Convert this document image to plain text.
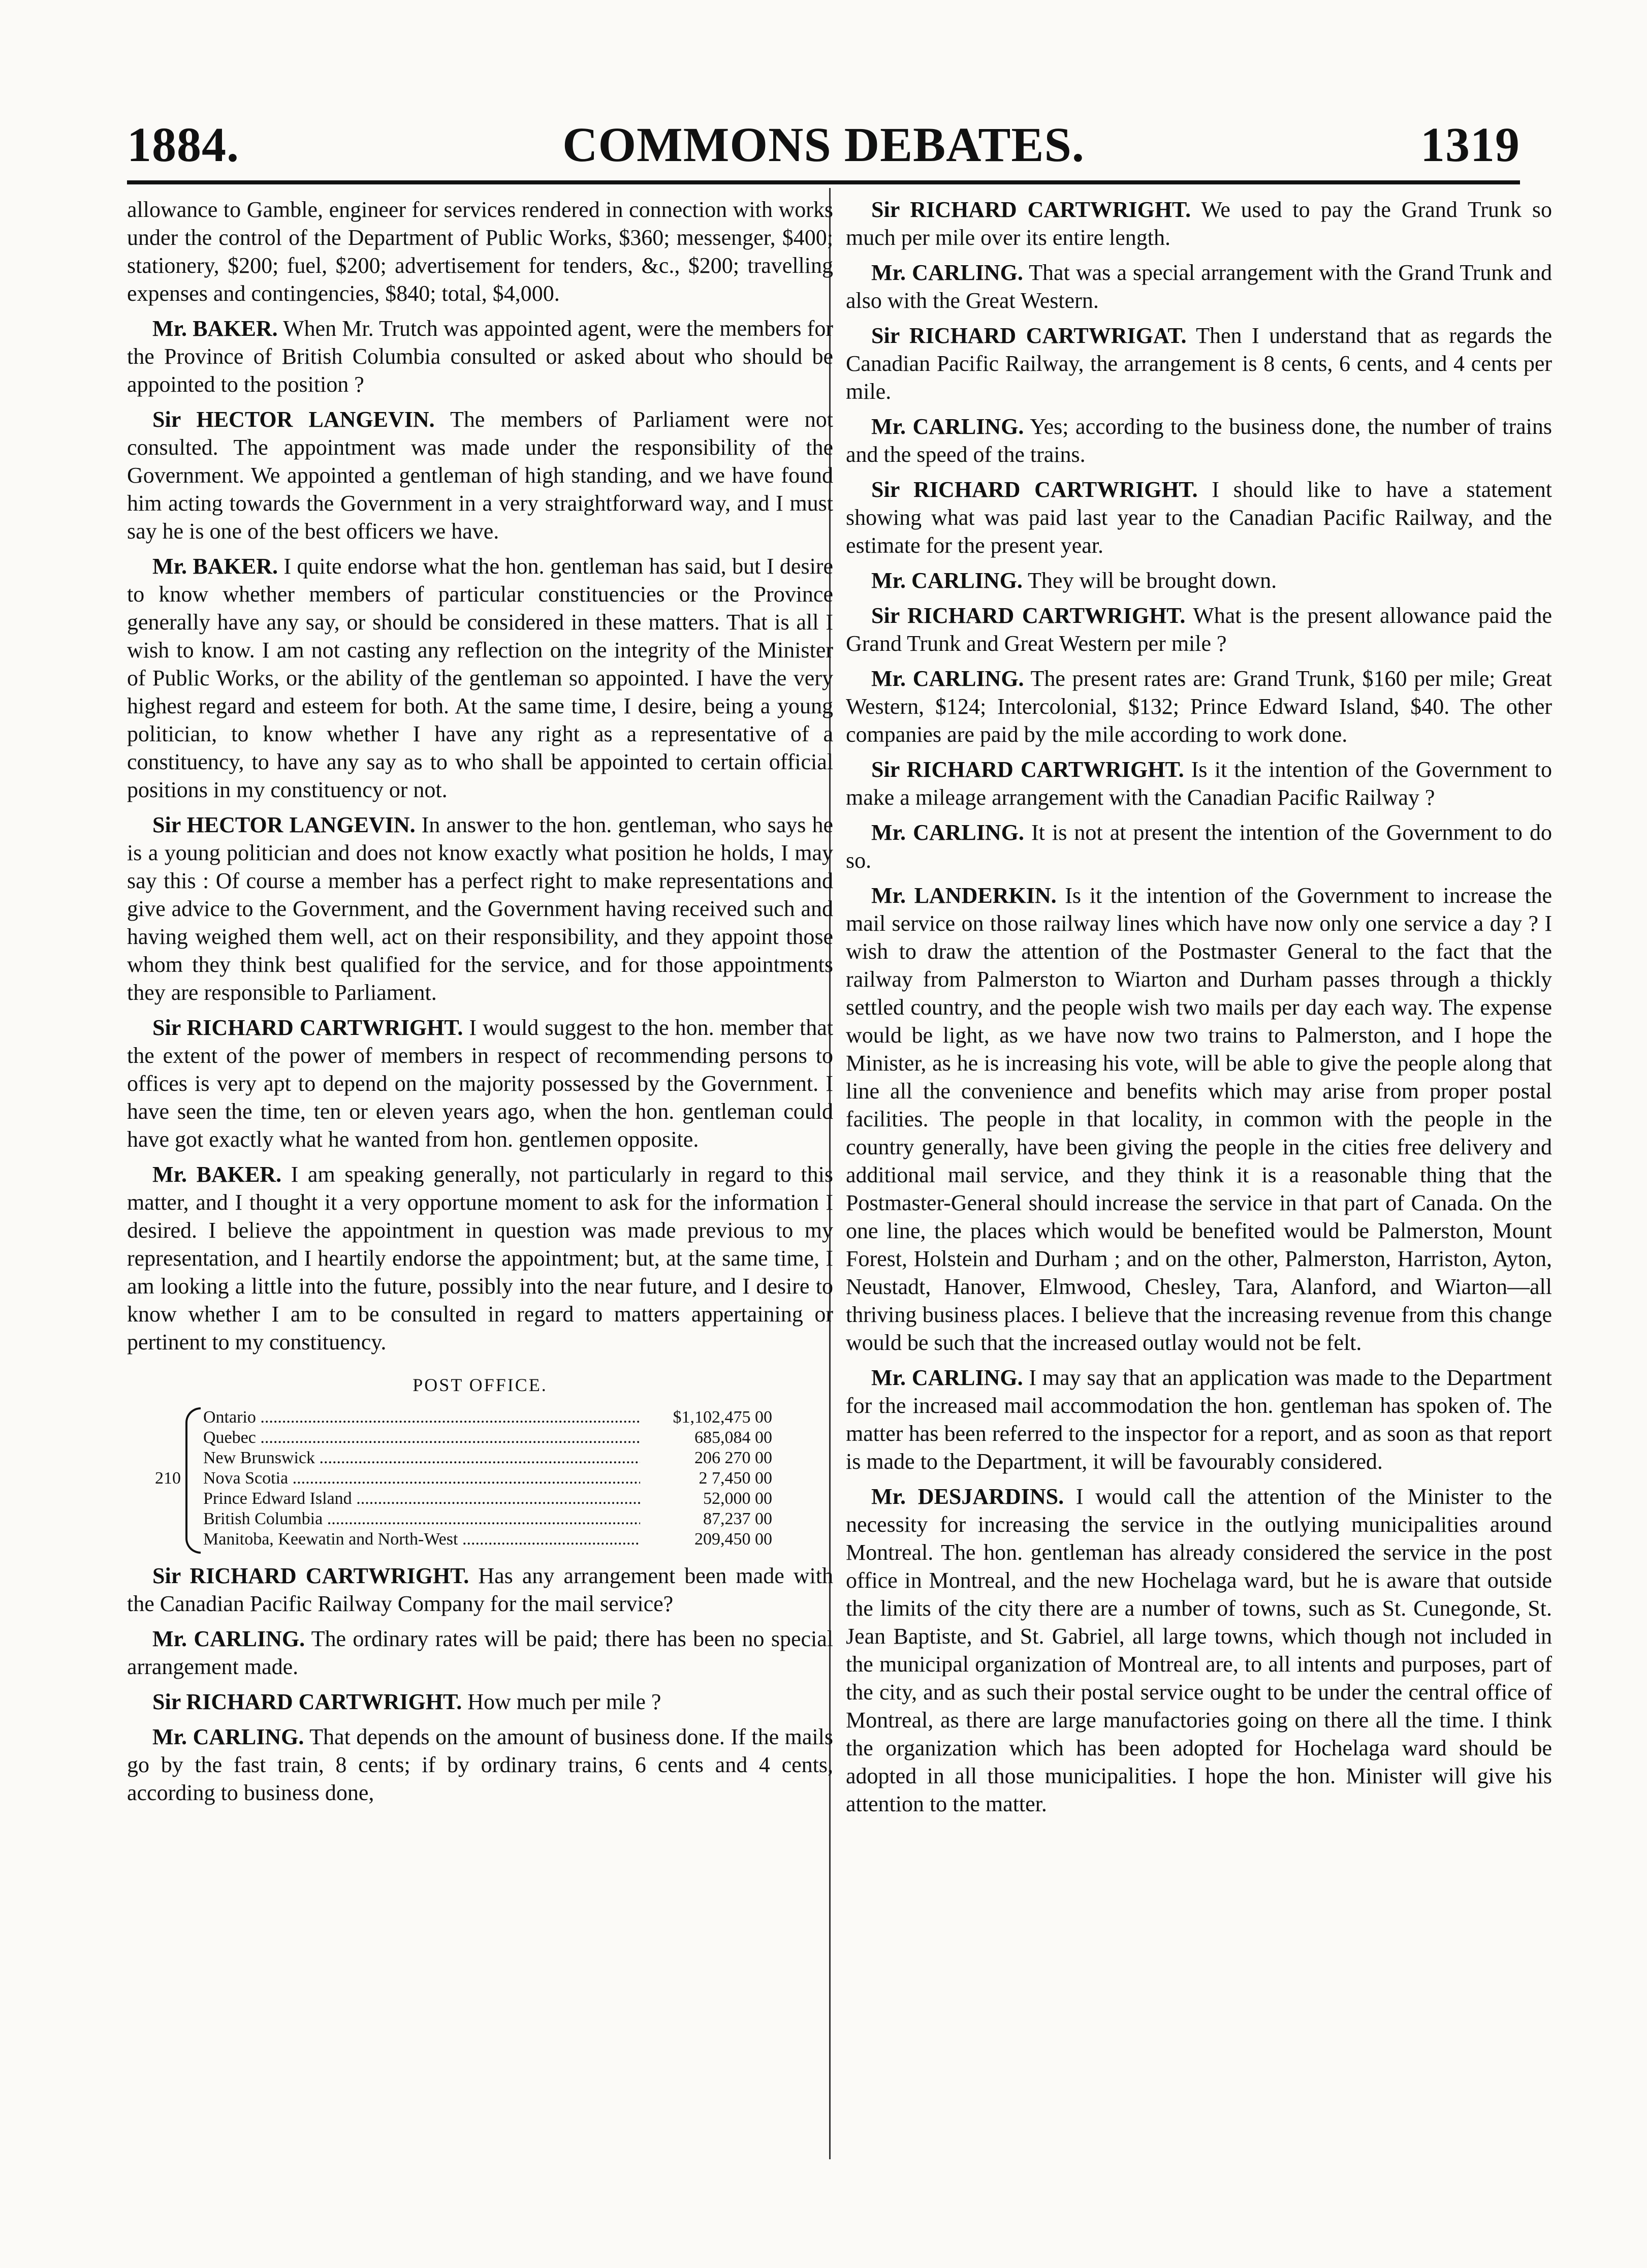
1884.	COMMONS DEBATES.	1319

allowance to Gamble, engineer for services rendered in connection with works under the control of the Department of Public Works, $360; messenger, $400; stationery, $200; fuel, $200; advertisement for tenders, &c., $200; travelling expenses and contingencies, $840; total, $4,000.

Mr. BAKER. When Mr. Trutch was appointed agent, were the members for the Province of British Columbia consulted or asked about who should be appointed to the position ?

Sir HECTOR LANGEVIN. The members of Parliament were not consulted. The appointment was made under the responsibility of the Government. We appointed a gentleman of high standing, and we have found him acting towards the Government in a very straightforward way, and I must say he is one of the best officers we have.

Mr. BAKER. I quite endorse what the hon. gentleman has said, but I desire to know whether members of particular constituencies or the Province generally have any say, or should be considered in these matters. That is all I wish to know. I am not casting any reflection on the integrity of the Minister of Public Works, or the ability of the gentleman so appointed. I have the very highest regard and esteem for both. At the same time, I desire, being a young politician, to know whether I have any right as a representative of a constituency, to have any say as to who shall be appointed to certain official positions in my constituency or not.

Sir HECTOR LANGEVIN. In answer to the hon. gentleman, who says he is a young politician and does not know exactly what position he holds, I may say this : Of course a member has a perfect right to make representations and give advice to the Government, and the Government having received such and having weighed them well, act on their responsibility, and they appoint those whom they think best qualified for the service, and for those appointments they are responsible to Parliament.

Sir RICHARD CARTWRIGHT. I would suggest to the hon. member that the extent of the power of members in respect of recommending persons to offices is very apt to depend on the majority possessed by the Government. I have seen the time, ten or eleven years ago, when the hon. gentleman could have got exactly what he wanted from hon. gentlemen opposite.

Mr. BAKER. I am speaking generally, not particularly in regard to this matter, and I thought it a very opportune moment to ask for the information I desired. I believe the appointment in question was made previous to my representation, and I heartily endorse the appointment; but, at the same time, I am looking a little into the future, possibly into the near future, and I desire to know whether I am to be consulted in regard to matters appertaining or pertinent to my constituency.

POST OFFICE.

210
Ontario .....	$1,102,475 00
Quebec .....	685,084 00
New Brunswick .....	206 270 00
Nova Scotia .....	2 7,450 00
Prince Edward Island .....	52,000 00
British Columbia .....	87,237 00
Manitoba, Keewatin and North-West .....	209,450 00

Sir RICHARD CARTWRIGHT. Has any arrangement been made with the Canadian Pacific Railway Company for the mail service?

Mr. CARLING. The ordinary rates will be paid; there has been no special arrangement made.

Sir RICHARD CARTWRIGHT. How much per mile ?

Mr. CARLING. That depends on the amount of business done. If the mails go by the fast train, 8 cents; if by ordinary trains, 6 cents and 4 cents, according to business done,

Sir RICHARD CARTWRIGHT. We used to pay the Grand Trunk so much per mile over its entire length.

Mr. CARLING. That was a special arrangement with the Grand Trunk and also with the Great Western.

Sir RICHARD CARTWRIGAT. Then I understand that as regards the Canadian Pacific Railway, the arrangement is 8 cents, 6 cents, and 4 cents per mile.

Mr. CARLING. Yes; according to the business done, the number of trains and the speed of the trains.

Sir RICHARD CARTWRIGHT. I should like to have a statement showing what was paid last year to the Canadian Pacific Railway, and the estimate for the present year.

Mr. CARLING. They will be brought down.

Sir RICHARD CARTWRIGHT. What is the present allowance paid the Grand Trunk and Great Western per mile ?

Mr. CARLING. The present rates are: Grand Trunk, $160 per mile; Great Western, $124; Intercolonial, $132; Prince Edward Island, $40. The other companies are paid by the mile according to work done.

Sir RICHARD CARTWRIGHT. Is it the intention of the Government to make a mileage arrangement with the Canadian Pacific Railway ?

Mr. CARLING. It is not at present the intention of the Government to do so.

Mr. LANDERKIN. Is it the intention of the Government to increase the mail service on those railway lines which have now only one service a day ? I wish to draw the attention of the Postmaster General to the fact that the railway from Palmerston to Wiarton and Durham passes through a thickly settled country, and the people wish two mails per day each way. The expense would be light, as we have now two trains to Palmerston, and I hope the Minister, as he is increasing his vote, will be able to give the people along that line all the convenience and benefits which may arise from proper postal facilities. The people in that locality, in common with the people in the country generally, have been giving the people in the cities free delivery and additional mail service, and they think it is a reasonable thing that the Postmaster-General should increase the service in that part of Canada. On the one line, the places which would be benefited would be Palmerston, Mount Forest, Holstein and Durham ; and on the other, Palmerston, Harriston, Ayton, Neustadt, Hanover, Elmwood, Chesley, Tara, Alanford, and Wiarton—all thriving business places. I believe that the increasing revenue from this change would be such that the increased outlay would not be felt.

Mr. CARLING. I may say that an application was made to the Department for the increased mail accommodation the hon. gentleman has spoken of. The matter has been referred to the inspector for a report, and as soon as that report is made to the Department, it will be favourably considered.

Mr. DESJARDINS. I would call the attention of the Minister to the necessity for increasing the service in the outlying municipalities around Montreal. The hon. gentleman has already considered the service in the post office in Montreal, and the new Hochelaga ward, but he is aware that outside the limits of the city there are a number of towns, such as St. Cunegonde, St. Jean Baptiste, and St. Gabriel, all large towns, which though not included in the municipal organization of Montreal are, to all intents and purposes, part of the city, and as such their postal service ought to be under the central office of Montreal, as there are large manufactories going on there all the time. I think the organization which has been adopted for Hochelaga ward should be adopted in all those municipalities. I hope the hon. Minister will give his attention to the matter.
